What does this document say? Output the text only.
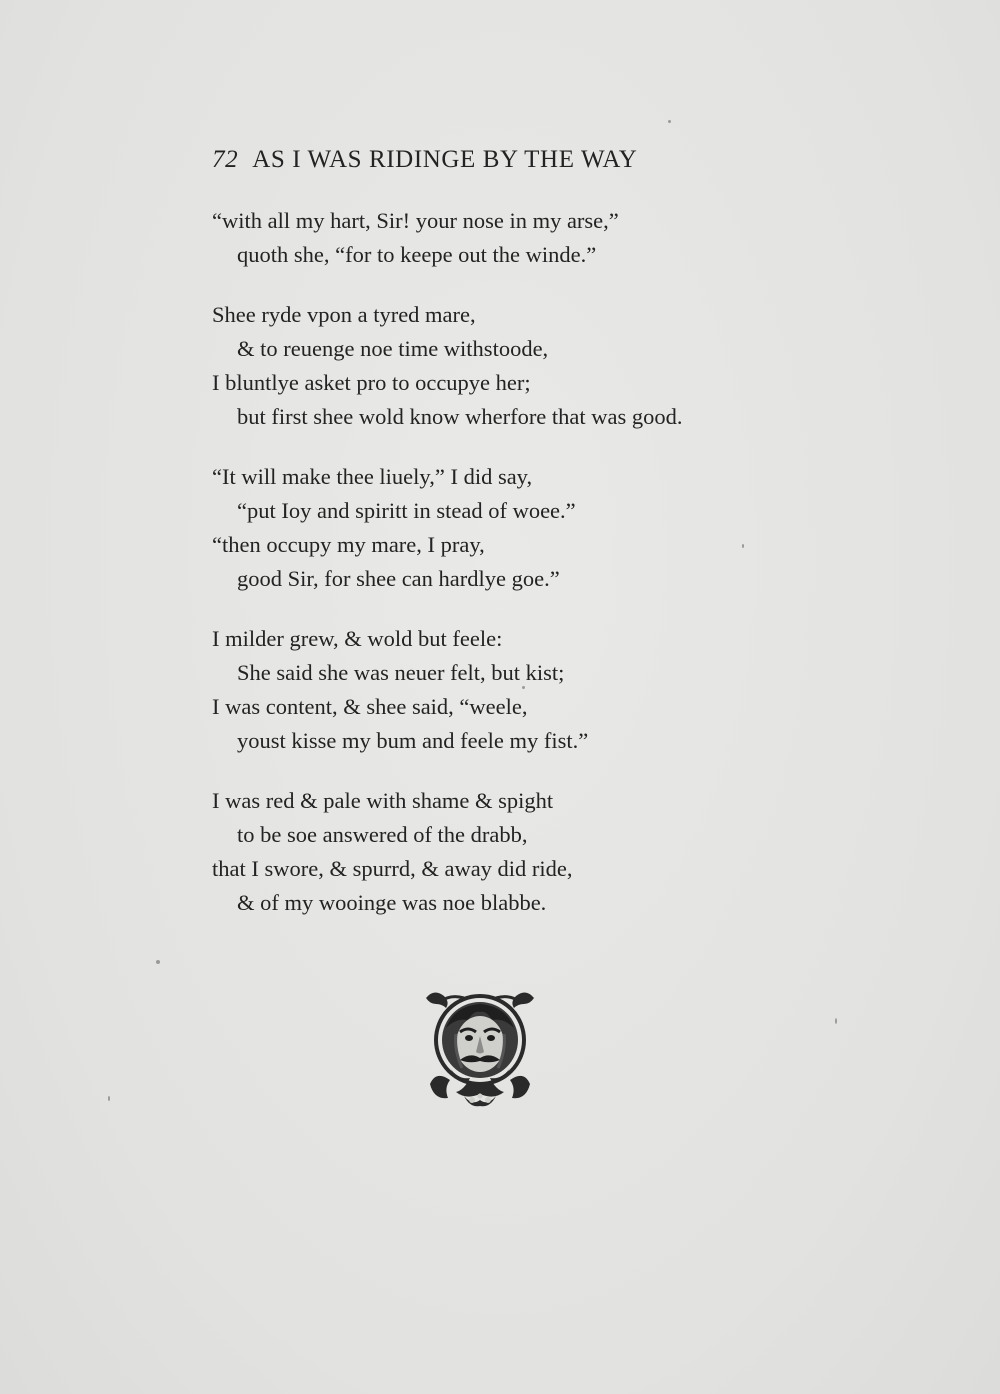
72 AS I WAS RIDINGE BY THE WAY
“with all my hart, Sir! your nose in my arse,”
quoth she, “for to keepe out the winde.”
Shee ryde vpon a tyred mare,
& to reuenge noe time withstoode,
I bluntlye asket pro to occupye her;
but first shee wold know wherfore that was good.
“It will make thee liuely,” I did say,
“put Ioy and spiritt in stead of woee.”
“then occupy my mare, I pray,
good Sir, for shee can hardlye goe.”
I milder grew, & wold but feele:
She said she was neuer felt, but kist;
I was content, & shee said, “weele,
youst kisse my bum and feele my fist.”
I was red & pale with shame & spight
to be soe answered of the drabb,
that I swore, & spurrd, & away did ride,
& of my wooinge was noe blabbe.
